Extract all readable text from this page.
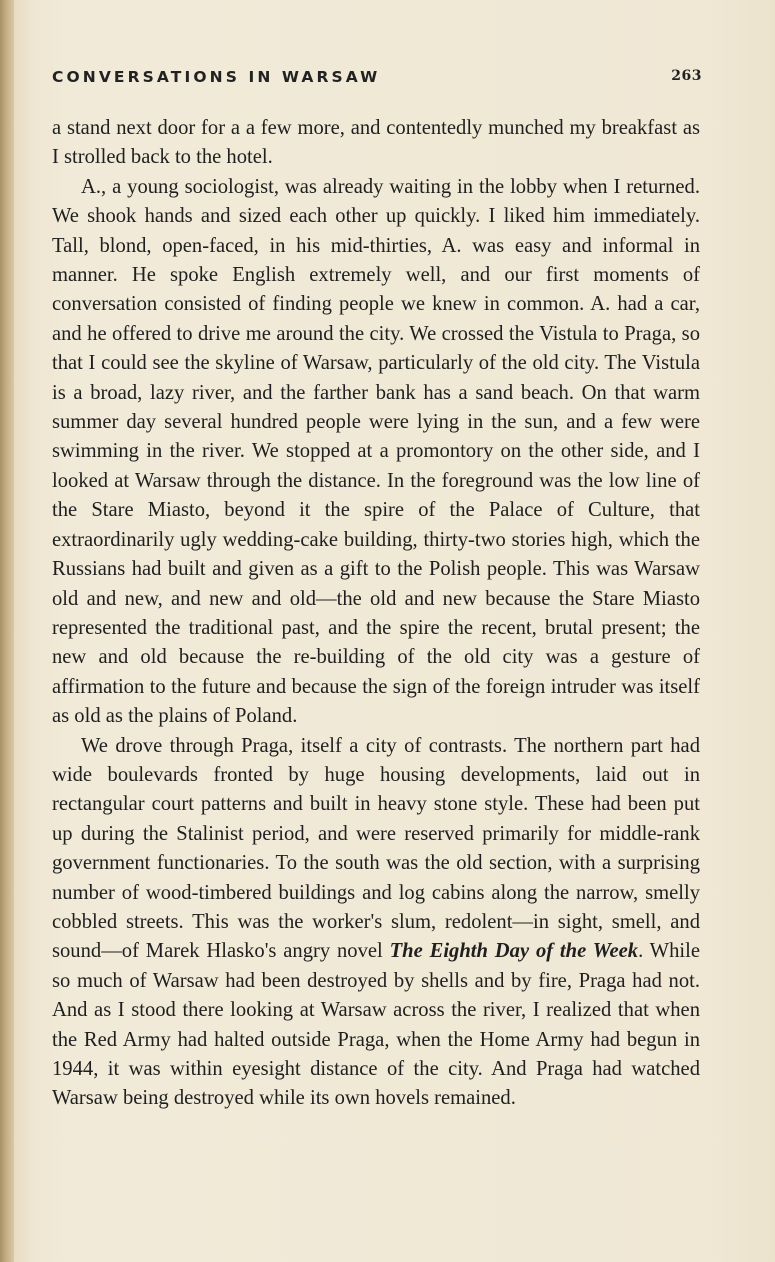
CONVERSATIONS IN WARSAW	263

a stand next door for a a few more, and contentedly munched my breakfast as I strolled back to the hotel.

A., a young sociologist, was already waiting in the lobby when I returned. We shook hands and sized each other up quickly. I liked him immediately. Tall, blond, open-faced, in his mid-thirties, A. was easy and informal in manner. He spoke English extremely well, and our first moments of conversation consisted of finding people we knew in common. A. had a car, and he offered to drive me around the city. We crossed the Vistula to Praga, so that I could see the skyline of Warsaw, particularly of the old city. The Vistula is a broad, lazy river, and the farther bank has a sand beach. On that warm summer day several hundred people were lying in the sun, and a few were swimming in the river. We stopped at a promontory on the other side, and I looked at Warsaw through the distance. In the foreground was the low line of the Stare Miasto, beyond it the spire of the Palace of Culture, that extraordinarily ugly wedding-cake building, thirty-two stories high, which the Russians had built and given as a gift to the Polish people. This was Warsaw old and new, and new and old—the old and new because the Stare Miasto represented the traditional past, and the spire the recent, brutal present; the new and old because the re-building of the old city was a gesture of affirmation to the future and because the sign of the foreign intruder was itself as old as the plains of Poland.

We drove through Praga, itself a city of contrasts. The northern part had wide boulevards fronted by huge housing developments, laid out in rectangular court patterns and built in heavy stone style. These had been put up during the Stalinist period, and were reserved primarily for middle-rank government functionaries. To the south was the old section, with a surprising number of wood-timbered buildings and log cabins along the narrow, smelly cobbled streets. This was the worker's slum, redolent—in sight, smell, and sound—of Marek Hlasko's angry novel The Eighth Day of the Week. While so much of Warsaw had been destroyed by shells and by fire, Praga had not. And as I stood there looking at Warsaw across the river, I realized that when the Red Army had halted outside Praga, when the Home Army had begun in 1944, it was within eyesight distance of the city. And Praga had watched Warsaw being destroyed while its own hovels remained.
